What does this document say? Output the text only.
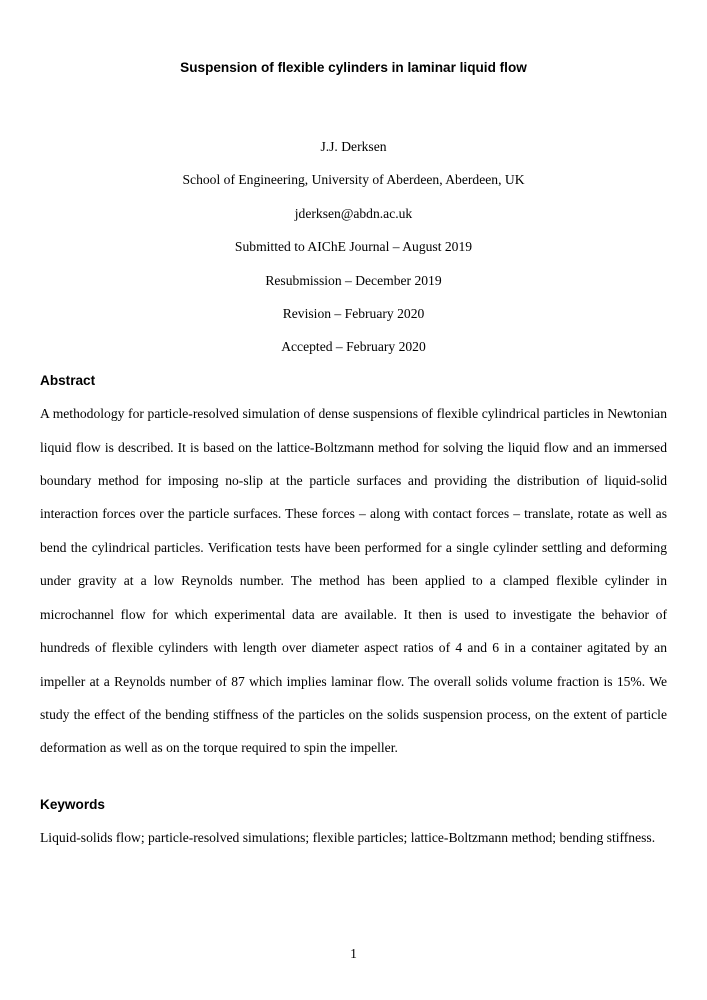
Suspension of flexible cylinders in laminar liquid flow
J.J. Derksen
School of Engineering, University of Aberdeen, Aberdeen, UK
jderksen@abdn.ac.uk
Submitted to AIChE Journal – August 2019
Resubmission – December 2019
Revision – February 2020
Accepted – February 2020
Abstract

A methodology for particle-resolved simulation of dense suspensions of flexible cylindrical particles in Newtonian liquid flow is described. It is based on the lattice-Boltzmann method for solving the liquid flow and an immersed boundary method for imposing no-slip at the particle surfaces and providing the distribution of liquid-solid interaction forces over the particle surfaces. These forces – along with contact forces – translate, rotate as well as bend the cylindrical particles. Verification tests have been performed for a single cylinder settling and deforming under gravity at a low Reynolds number. The method has been applied to a clamped flexible cylinder in microchannel flow for which experimental data are available. It then is used to investigate the behavior of hundreds of flexible cylinders with length over diameter aspect ratios of 4 and 6 in a container agitated by an impeller at a Reynolds number of 87 which implies laminar flow. The overall solids volume fraction is 15%. We study the effect of the bending stiffness of the particles on the solids suspension process, on the extent of particle deformation as well as on the torque required to spin the impeller.

Keywords

Liquid-solids flow; particle-resolved simulations; flexible particles; lattice-Boltzmann method; bending stiffness.

1
